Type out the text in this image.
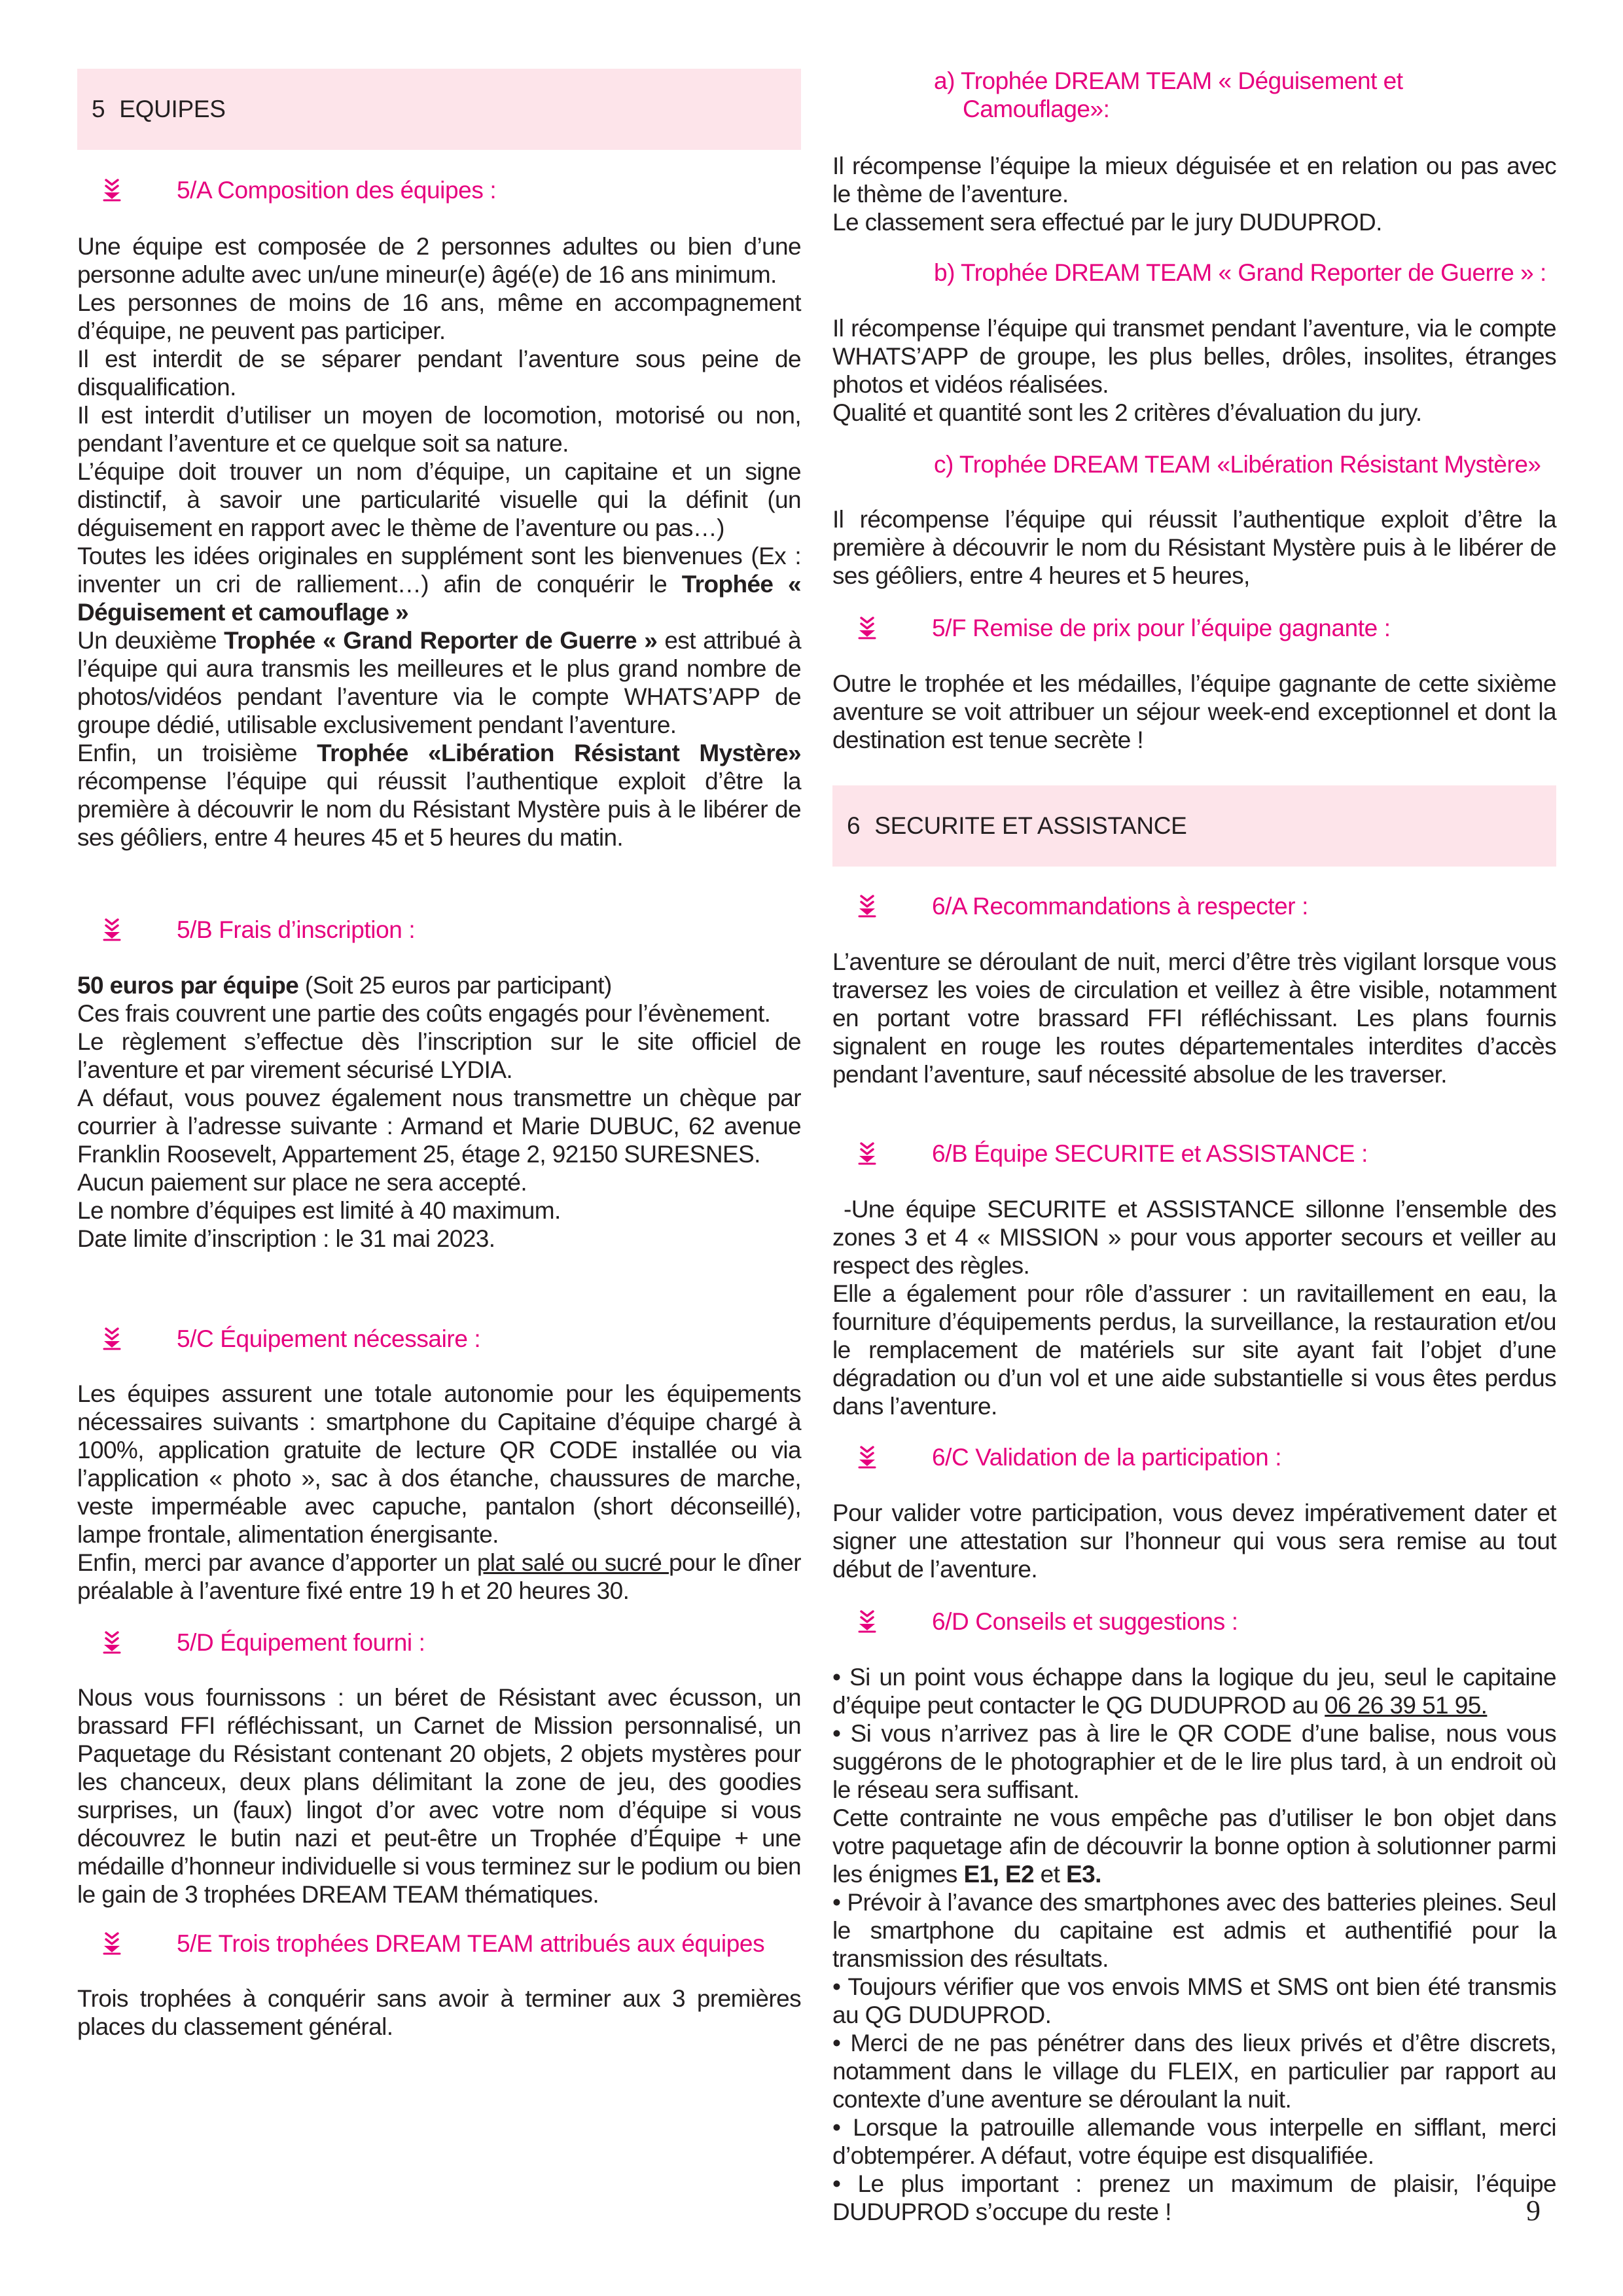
5 EQUIPES
5/A Composition des équipes :
Une équipe est composée de 2 personnes adultes ou bien d’une personne adulte avec un/une mineur(e) âgé(e) de 16 ans minimum.
Les personnes de moins de 16 ans, même en accompagnement d’équipe, ne peuvent pas participer.
Il est interdit de se séparer pendant l’aventure sous peine de disqualification.
Il est interdit d’utiliser un moyen de locomotion, motorisé ou non, pendant l’aventure et ce quelque soit sa nature.
L’équipe doit trouver un nom d’équipe, un capitaine et un signe distinctif, à savoir une particularité visuelle qui la définit (un déguisement en rapport avec le thème de l’aventure ou pas…)
Toutes les idées originales en supplément sont les bienvenues (Ex : inventer un cri de ralliement…) afin de conquérir le Trophée « Déguisement et camouflage »
Un deuxième Trophée « Grand Reporter de Guerre » est attribué à l’équipe qui aura transmis les meilleures et le plus grand nombre de photos/vidéos pendant l’aventure via le compte WHATS’APP de groupe dédié, utilisable exclusivement pendant l’aventure.
Enfin, un troisième Trophée «Libération Résistant Mystère» récompense l’équipe qui réussit l’authentique exploit d’être la première à découvrir le nom du Résistant Mystère puis à le libérer de ses géôliers, entre 4 heures 45 et 5 heures du matin.
5/B Frais d’inscription :
50 euros par équipe (Soit 25 euros par participant)
Ces frais couvrent une partie des coûts engagés pour l’évènement.
Le règlement s’effectue dès l’inscription sur le site officiel de l’aventure et par virement sécurisé LYDIA.
A défaut, vous pouvez également nous transmettre un chèque par courrier à l’adresse suivante : Armand et Marie DUBUC, 62 avenue Franklin Roosevelt, Appartement 25, étage 2, 92150 SURESNES.
Aucun paiement sur place ne sera accepté.
Le nombre d’équipes est limité à 40 maximum.
Date limite d’inscription : le 31 mai 2023.
5/C Équipement nécessaire :
Les équipes assurent une totale autonomie pour les équipements nécessaires suivants : smartphone du Capitaine d’équipe chargé à 100%, application gratuite de lecture QR CODE installée ou via l’application « photo », sac à dos étanche, chaussures de marche, veste imperméable avec capuche, pantalon (short déconseillé), lampe frontale, alimentation énergisante.
Enfin, merci par avance d’apporter un plat salé ou sucré pour le dîner préalable à l’aventure fixé entre 19 h et 20 heures 30.
5/D Équipement fourni :
Nous vous fournissons : un béret de Résistant avec écusson, un brassard FFI réfléchissant, un Carnet de Mission personnalisé, un Paquetage du Résistant contenant 20 objets, 2 objets mystères pour les chanceux, deux plans délimitant la zone de jeu, des goodies surprises, un (faux) lingot d’or avec votre nom d’équipe si vous découvrez le butin nazi et peut-être un Trophée d’Équipe + une médaille d’honneur individuelle si vous terminez sur le podium ou bien le gain de 3 trophées DREAM TEAM thématiques.
5/E Trois trophées DREAM TEAM attribués aux équipes
Trois trophées à conquérir sans avoir à terminer aux 3 premières places du classement général.
a) Trophée DREAM TEAM « Déguisement et
Camouflage»:
Il récompense l’équipe la mieux déguisée et en relation ou pas avec le thème de l’aventure.
Le classement sera effectué par le jury DUDUPROD.
b) Trophée DREAM TEAM « Grand Reporter de Guerre » :
Il récompense l’équipe qui transmet pendant l’aventure, via le compte WHATS’APP de groupe, les plus belles, drôles, insolites, étranges photos et vidéos réalisées.
Qualité et quantité sont les 2 critères d’évaluation du jury.
c) Trophée DREAM TEAM «Libération Résistant Mystère»
Il récompense l’équipe qui réussit l’authentique exploit d’être la première à découvrir le nom du Résistant Mystère puis à le libérer de ses géôliers, entre 4 heures et 5 heures,
5/F Remise de prix pour l’équipe gagnante :
Outre le trophée et les médailles, l’équipe gagnante de cette sixième aventure se voit attribuer un séjour week-end exceptionnel et dont la destination est tenue secrète !
6 SECURITE ET ASSISTANCE
6/A Recommandations à respecter :
L’aventure se déroulant de nuit, merci d’être très vigilant lorsque vous traversez les voies de circulation et veillez à être visible, notamment en portant votre brassard FFI réfléchissant. Les plans fournis signalent en rouge les routes départementales interdites d’accès pendant l’aventure, sauf nécessité absolue de les traverser.
6/B Équipe SECURITE et ASSISTANCE :
-Une équipe SECURITE et ASSISTANCE sillonne l’ensemble des zones 3 et 4 « MISSION » pour vous apporter secours et veiller au respect des règles.
Elle a également pour rôle d’assurer : un ravitaillement en eau, la fourniture d’équipements perdus, la surveillance, la restauration et/ou le remplacement de matériels sur site ayant fait l’objet d’une dégradation ou d’un vol et une aide substantielle si vous êtes perdus dans l’aventure.
6/C Validation de la participation :
Pour valider votre participation, vous devez impérativement dater et signer une attestation sur l’honneur qui vous sera remise au tout début de l’aventure.
6/D Conseils et suggestions :
• Si un point vous échappe dans la logique du jeu, seul le capitaine d’équipe peut contacter le QG DUDUPROD au 06 26 39 51 95.
• Si vous n’arrivez pas à lire le QR CODE d’une balise, nous vous suggérons de le photographier et de le lire plus tard, à un endroit où le réseau sera suffisant.
Cette contrainte ne vous empêche pas d’utiliser le bon objet dans votre paquetage afin de découvrir la bonne option à solutionner parmi les énigmes E1, E2 et E3.
• Prévoir à l’avance des smartphones avec des batteries pleines. Seul le smartphone du capitaine est admis et authentifié pour la transmission des résultats.
• Toujours vérifier que vos envois MMS et SMS ont bien été transmis au QG DUDUPROD.
• Merci de ne pas pénétrer dans des lieux privés et d’être discrets, notamment dans le village du FLEIX, en particulier par rapport au contexte d’une aventure se déroulant la nuit.
• Lorsque la patrouille allemande vous interpelle en sifflant, merci d’obtempérer. A défaut, votre équipe est disqualifiée.
• Le plus important : prenez un maximum de plaisir, l’équipe DUDUPROD s’occupe du reste !	9
